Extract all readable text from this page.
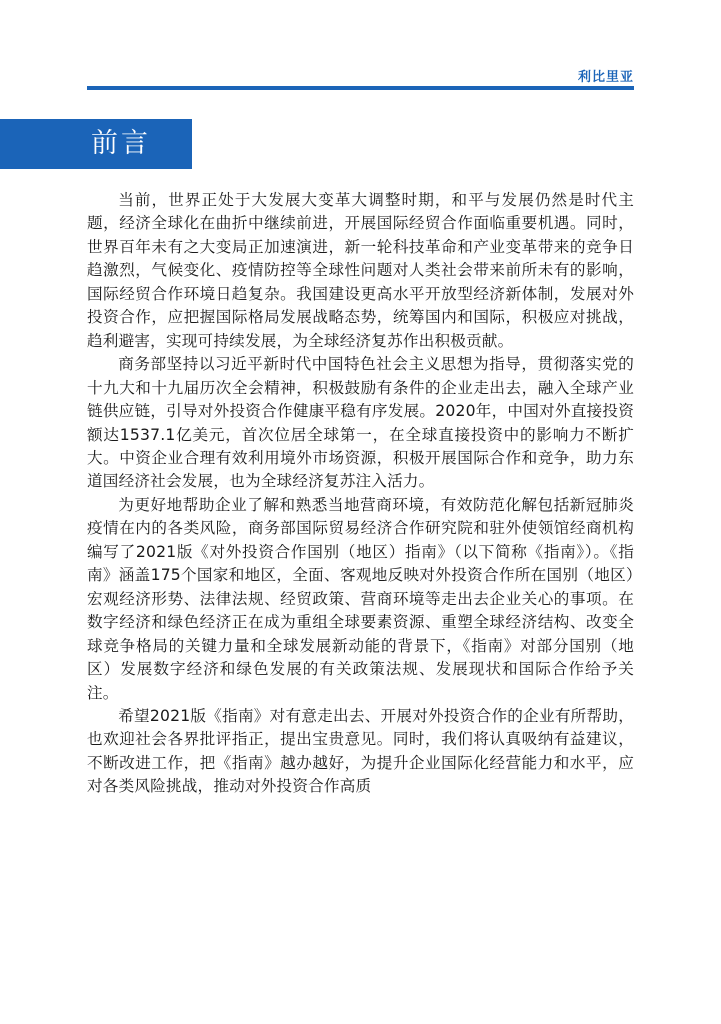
利比里亚
前言

当前，世界正处于大发展大变革大调整时期，和平与发展仍然是时代主题，经济全球化在曲折中继续前进，开展国际经贸合作面临重要机遇。同时，世界百年未有之大变局正加速演进，新一轮科技革命和产业变革带来的竞争日趋激烈，气候变化、疫情防控等全球性问题对人类社会带来前所未有的影响，国际经贸合作环境日趋复杂。我国建设更高水平开放型经济新体制，发展对外投资合作，应把握国际格局发展战略态势，统筹国内和国际，积极应对挑战，趋利避害，实现可持续发展，为全球经济复苏作出积极贡献。

商务部坚持以习近平新时代中国特色社会主义思想为指导，贯彻落实党的十九大和十九届历次全会精神，积极鼓励有条件的企业走出去，融入全球产业链供应链，引导对外投资合作健康平稳有序发展。2020年，中国对外直接投资额达1537.1亿美元，首次位居全球第一，在全球直接投资中的影响力不断扩大。中资企业合理有效利用境外市场资源，积极开展国际合作和竞争，助力东道国经济社会发展，也为全球经济复苏注入活力。

为更好地帮助企业了解和熟悉当地营商环境，有效防范化解包括新冠肺炎疫情在内的各类风险，商务部国际贸易经济合作研究院和驻外使领馆经商机构编写了2021版《对外投资合作国别（地区）指南》（以下简称《指南》）。《指南》涵盖175个国家和地区，全面、客观地反映对外投资合作所在国别（地区）宏观经济形势、法律法规、经贸政策、营商环境等走出去企业关心的事项。在数字经济和绿色经济正在成为重组全球要素资源、重塑全球经济结构、改变全球竞争格局的关键力量和全球发展新动能的背景下，《指南》对部分国别（地区）发展数字经济和绿色发展的有关政策法规、发展现状和国际合作给予关注。

希望2021版《指南》对有意走出去、开展对外投资合作的企业有所帮助，也欢迎社会各界批评指正，提出宝贵意见。同时，我们将认真吸纳有益建议，不断改进工作，把《指南》越办越好，为提升企业国际化经营能力和水平，应对各类风险挑战，推动对外投资合作高质
